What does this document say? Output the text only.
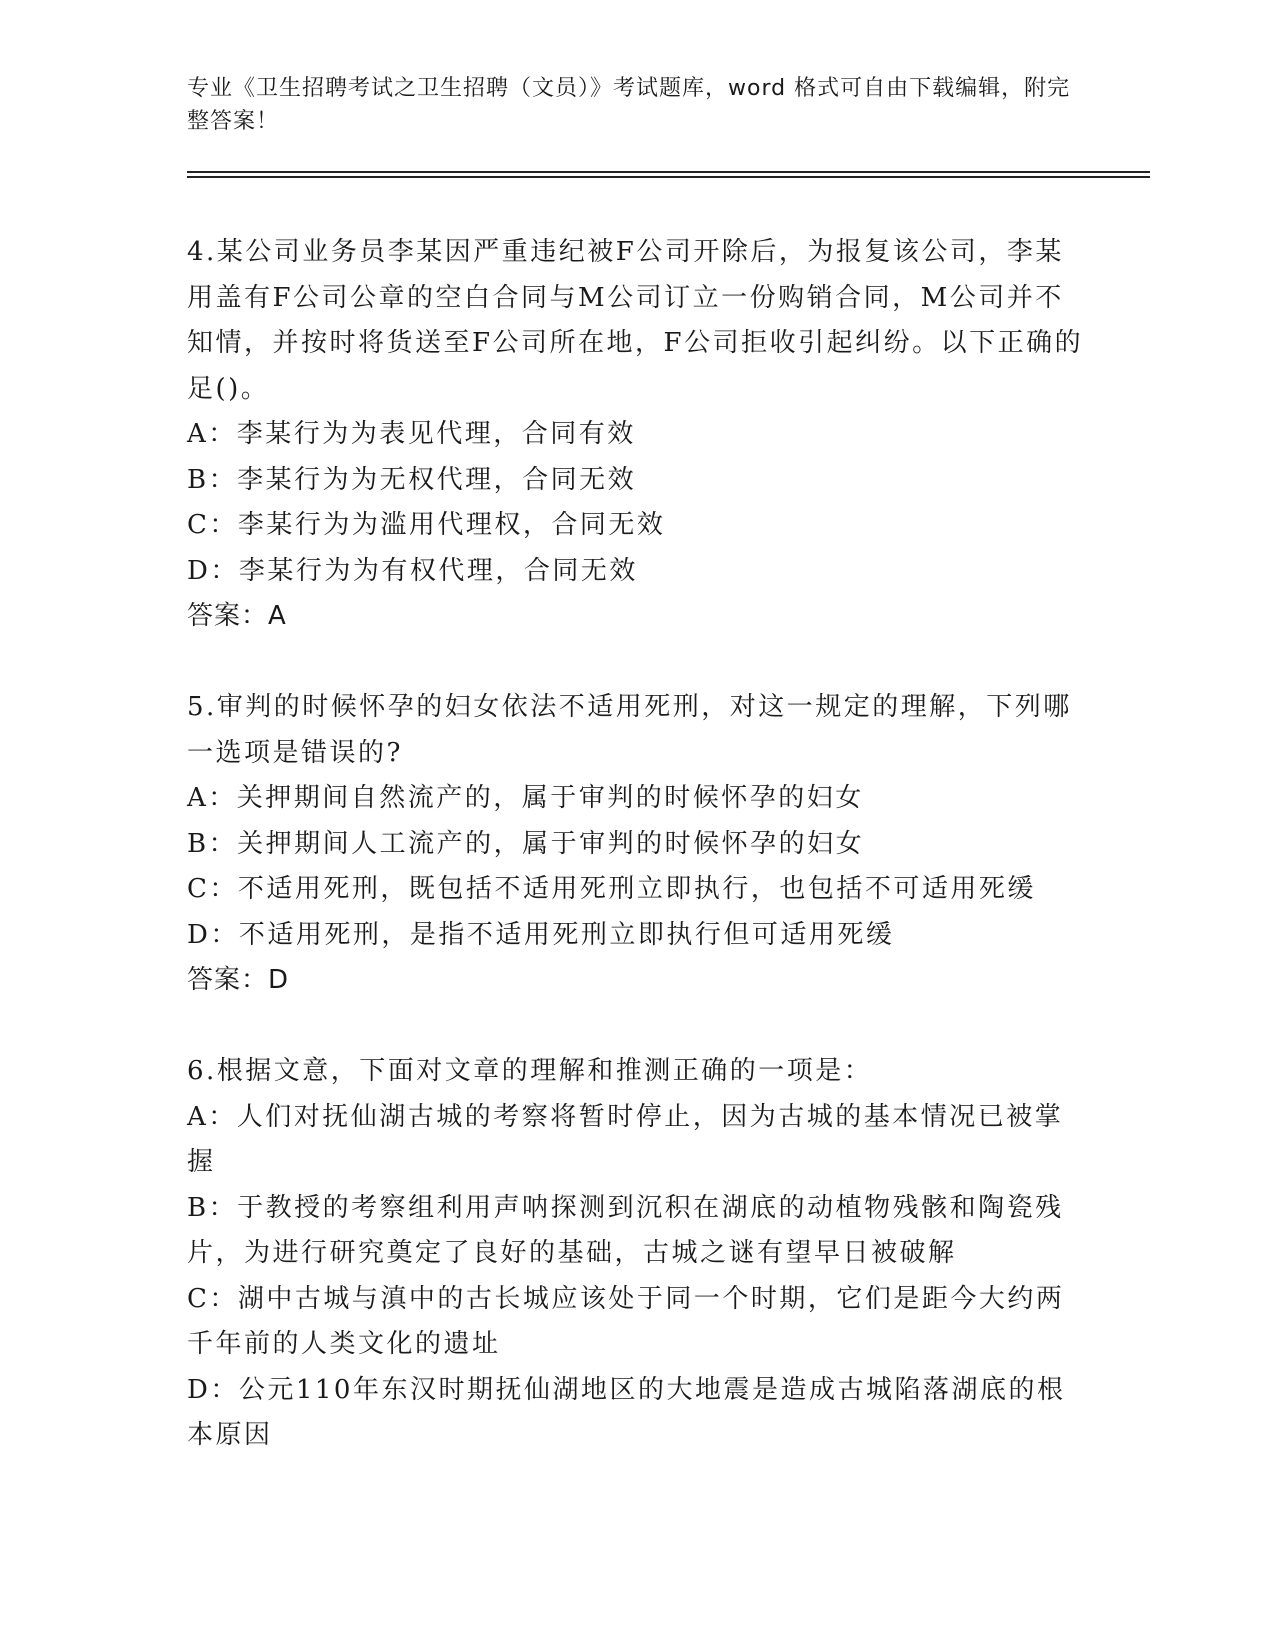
专业《卫生招聘考试之卫生招聘（文员）》考试题库，word 格式可自由下载编辑，附完整答案！

4.某公司业务员李某因严重违纪被F公司开除后，为报复该公司，李某用盖有F公司公章的空白合同与M公司订立一份购销合同，M公司并不知情，并按时将货送至F公司所在地，F公司拒收引起纠纷。以下正确的足()。

A：李某行为为表见代理，合同有效

B：李某行为为无权代理，合同无效

C：李某行为为滥用代理权，合同无效

D：李某行为为有权代理，合同无效

答案：A

5.审判的时候怀孕的妇女依法不适用死刑，对这一规定的理解，下列哪一选项是错误的?

A：关押期间自然流产的，属于审判的时候怀孕的妇女

B：关押期间人工流产的，属于审判的时候怀孕的妇女

C：不适用死刑，既包括不适用死刑立即执行，也包括不可适用死缓

D：不适用死刑，是指不适用死刑立即执行但可适用死缓

答案：D

6.根据文意，下面对文章的理解和推测正确的一项是：

A：人们对抚仙湖古城的考察将暂时停止，因为古城的基本情况已被掌握

B：于教授的考察组利用声呐探测到沉积在湖底的动植物残骸和陶瓷残片，为进行研究奠定了良好的基础，古城之谜有望早日被破解

C：湖中古城与滇中的古长城应该处于同一个时期，它们是距今大约两千年前的人类文化的遗址

D：公元110年东汉时期抚仙湖地区的大地震是造成古城陷落湖底的根本原因
